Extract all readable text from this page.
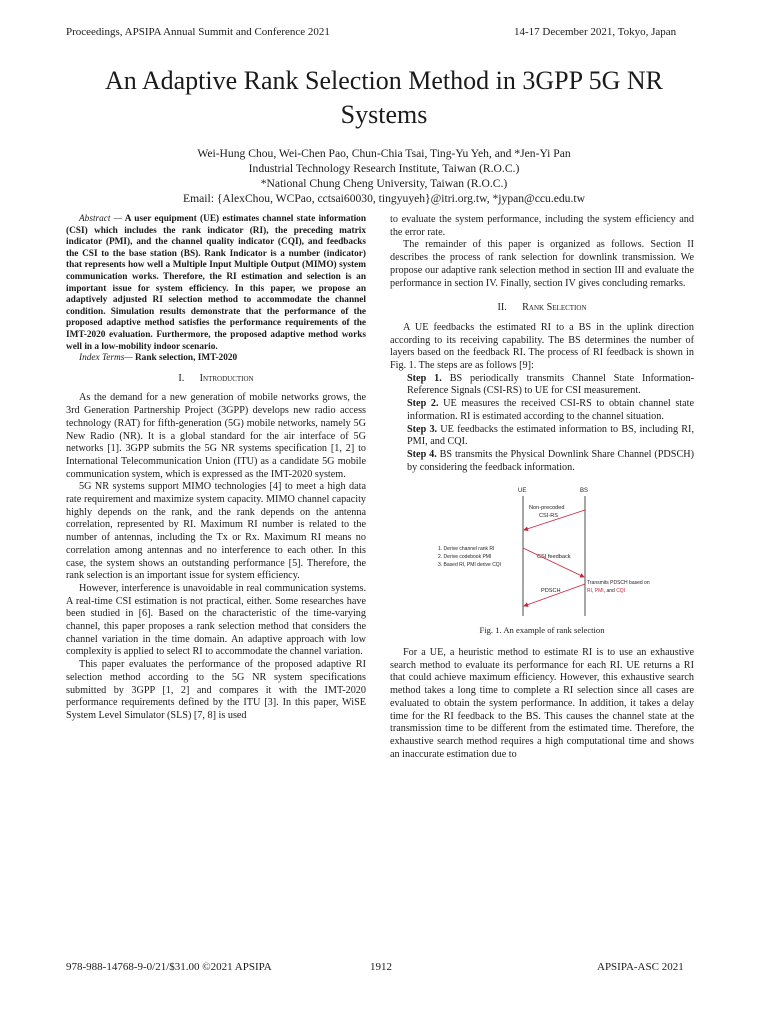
Proceedings, APSIPA Annual Summit and Conference 2021	14-17 December 2021, Tokyo, Japan
An Adaptive Rank Selection Method in 3GPP 5G NR Systems
Wei-Hung Chou, Wei-Chen Pao, Chun-Chia Tsai, Ting-Yu Yeh, and *Jen-Yi Pan
Industrial Technology Research Institute, Taiwan (R.O.C.)
*National Chung Cheng University, Taiwan (R.O.C.)
Email: {AlexChou, WCPao, cctsai60030, tingyuyeh}@itri.org.tw, *jypan@ccu.edu.tw

Abstract — A user equipment (UE) estimates channel state information (CSI) which includes the rank indicator (RI), the preceding matrix indicator (PMI), and the channel quality indicator (CQI), and feedbacks the CSI to the base station (BS). Rank Indicator is a number (indicator) that represents how well a Multiple Input Multiple Output (MIMO) system communication works. Therefore, the RI estimation and selection is an important issue for system efficiency. In this paper, we propose an adaptively adjusted RI selection method to accommodate the channel condition. Simulation results demonstrate that the performance of the proposed adaptive method satisfies the performance requirements of the IMT-2020 evaluation. Furthermore, the proposed adaptive method works well in a low-mobility indoor scenario.

Index Terms— Rank selection, IMT-2020

I. Introduction

As the demand for a new generation of mobile networks grows, the 3rd Generation Partnership Project (3GPP) develops new radio access technology (RAT) for fifth-generation (5G) mobile networks, namely 5G New Radio (NR). It is a global standard for the air interface of 5G networks [1]. 3GPP submits the 5G NR systems specification [1, 2] to International Telecommunication Union (ITU) as a candidate 5G mobile communication system, which is expressed as the IMT-2020 system.

5G NR systems support MIMO technologies [4] to meet a high data rate requirement and maximize system capacity. MIMO channel capacity highly depends on the rank, and the rank depends on the antenna correlation, represented by RI. Maximum RI number is related to the number of antennas, including the Tx or Rx. Maximum RI means no correlation among antennas and no interference to each other. In this case, the system shows an outstanding performance [5]. Therefore, the rank selection is an important issue for system efficiency.

However, interference is unavoidable in real communication systems. A real-time CSI estimation is not practical, either. Some researches have been studied in [6]. Based on the characteristic of the time-varying channel, this paper proposes a rank selection method that considers the channel variation in the time domain. An adaptive approach with low complexity is applied to select RI to accommodate the channel variation.

This paper evaluates the performance of the proposed adaptive RI selection method according to the 5G NR system specifications submitted by 3GPP [1, 2] and compares it with the IMT-2020 performance requirements defined by the ITU [3]. In this paper, WiSE System Level Simulator (SLS) [7, 8] is used

to evaluate the system performance, including the system efficiency and the error rate.

The remainder of this paper is organized as follows. Section II describes the process of rank selection for downlink transmission. We propose our adaptive rank selection method in section III and evaluate the performance in section IV. Finally, section IV gives concluding remarks.

II. Rank Selection

A UE feedbacks the estimated RI to a BS in the uplink direction according to its receiving capability. The BS determines the number of layers based on the feedback RI. The process of RI feedback is shown in Fig. 1. The steps are as follows [9]:

Step 1. BS periodically transmits Channel State Information-Reference Signals (CSI-RS) to UE for CSI measurement.

Step 2. UE measures the received CSI-RS to obtain channel state information. RI is estimated according to the channel situation.

Step 3. UE feedbacks the estimated information to BS, including RI, PMI, and CQI.

Step 4. BS transmits the Physical Downlink Share Channel (PDSCH) by considering the feedback information.

UE	BS
Non-precoded
CSI-RS
1. Derive channel rank RI
2. Derive codebook PMI
3. Based RI, PMI derive CQI
CSI feedback
Transmits PDSCH based on
RI, PMI, and CQI
PDSCH
Fig. 1. An example of rank selection

For a UE, a heuristic method to estimate RI is to use an exhaustive search method to evaluate its performance for each RI. UE returns a RI that could achieve maximum efficiency. However, this exhaustive search method takes a long time to complete a RI selection since all cases are evaluated to obtain the system performance. In addition, it takes a delay time for the RI feedback to the BS. This causes the channel state at the transmission time to be different from the estimated time. Therefore, the exhaustive search method requires a high computational time and shows an inaccurate estimation due to

978-988-14768-9-0/21/$31.00 ©2021 APSIPA	1912	APSIPA-ASC 2021
